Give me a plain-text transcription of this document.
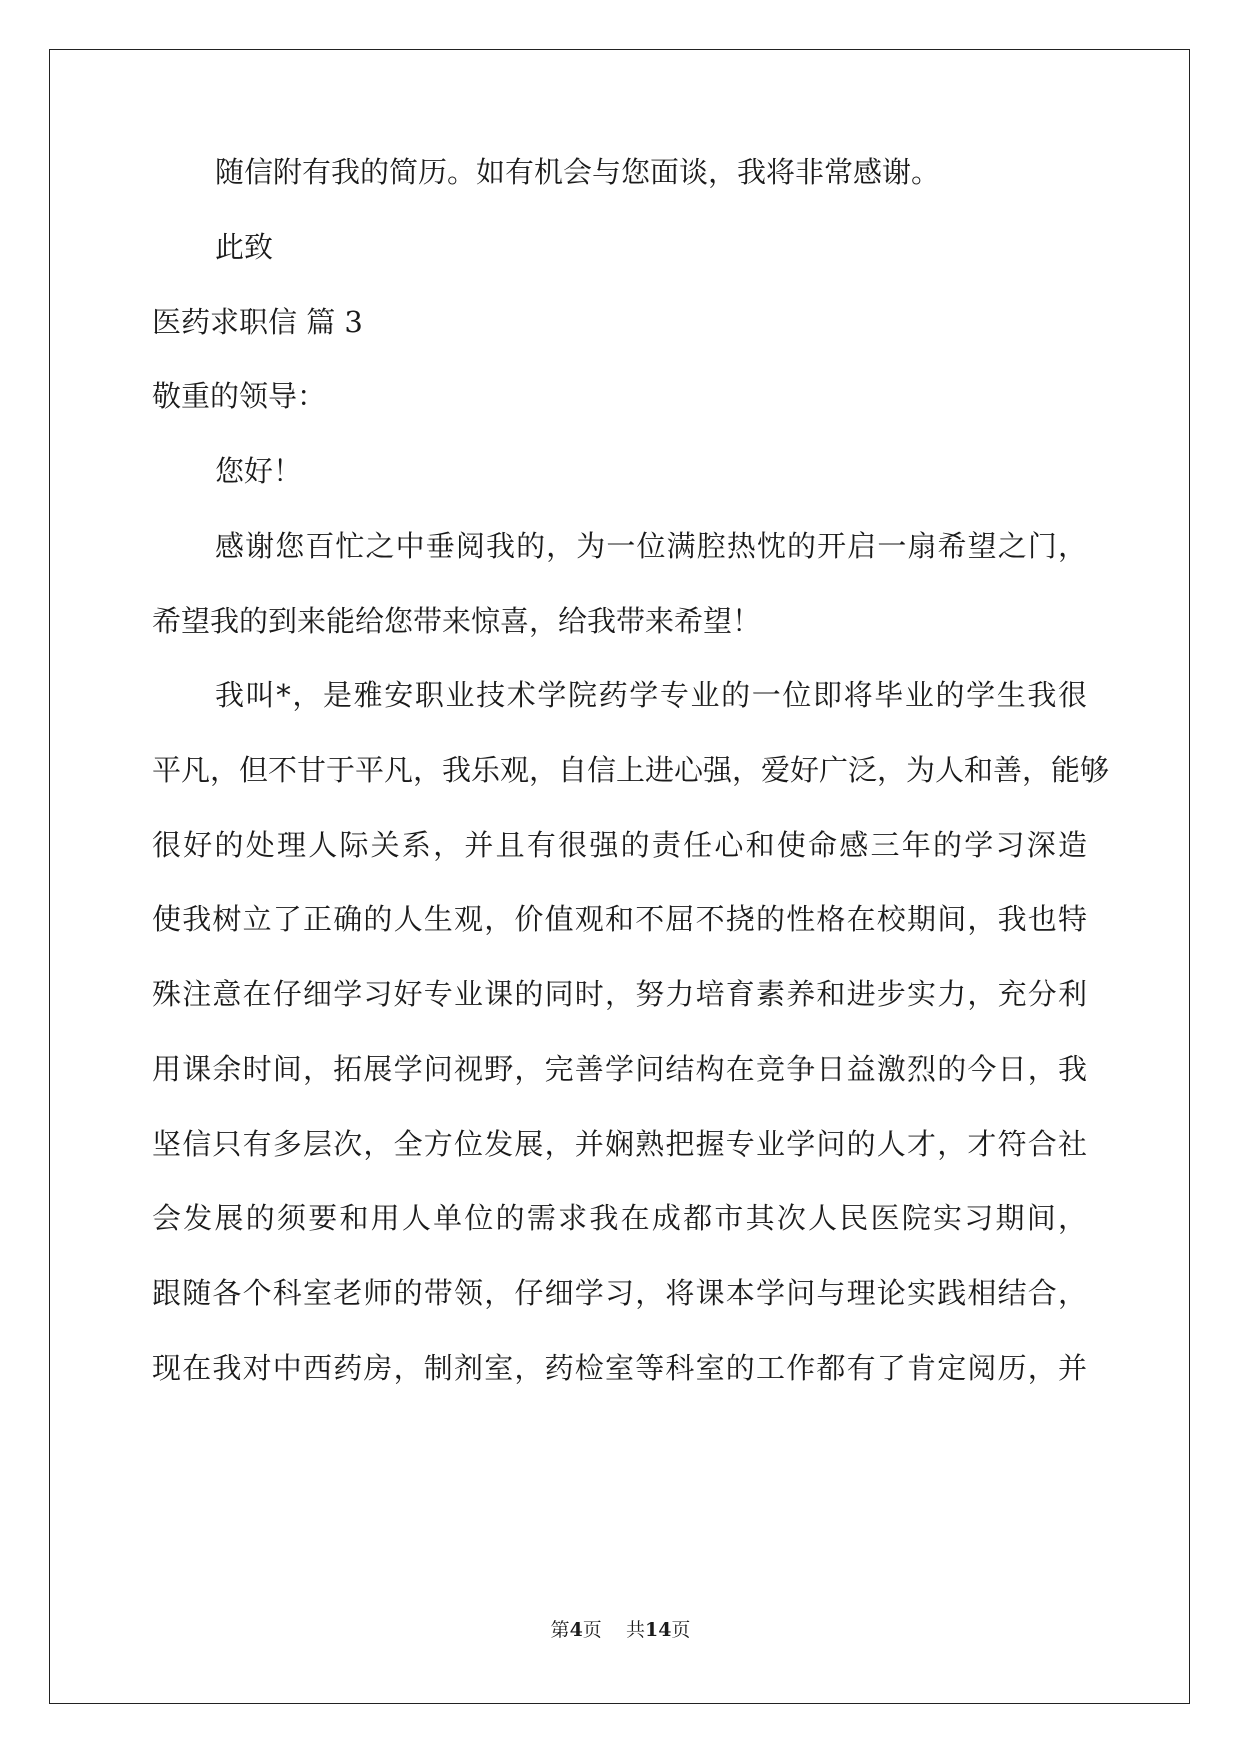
随信附有我的简历。如有机会与您面谈，我将非常感谢。
此致
医药求职信 篇 3
敬重的领导：
您好！
感谢您百忙之中垂阅我的，为一位满腔热忱的开启一扇希望之门，
希望我的到来能给您带来惊喜，给我带来希望！
我叫*，是雅安职业技术学院药学专业的一位即将毕业的学生我很
平凡，但不甘于平凡，我乐观，自信上进心强，爱好广泛，为人和善，能够
很好的处理人际关系，并且有很强的责任心和使命感三年的学习深造
使我树立了正确的人生观，价值观和不屈不挠的性格在校期间，我也特
殊注意在仔细学习好专业课的同时，努力培育素养和进步实力，充分利
用课余时间，拓展学问视野，完善学问结构在竞争日益激烈的今日，我
坚信只有多层次，全方位发展，并娴熟把握专业学问的人才，才符合社
会发展的须要和用人单位的需求我在成都市其次人民医院实习期间，
跟随各个科室老师的带领，仔细学习，将课本学问与理论实践相结合，
现在我对中西药房，制剂室，药检室等科室的工作都有了肯定阅历，并
第4页    共14页
